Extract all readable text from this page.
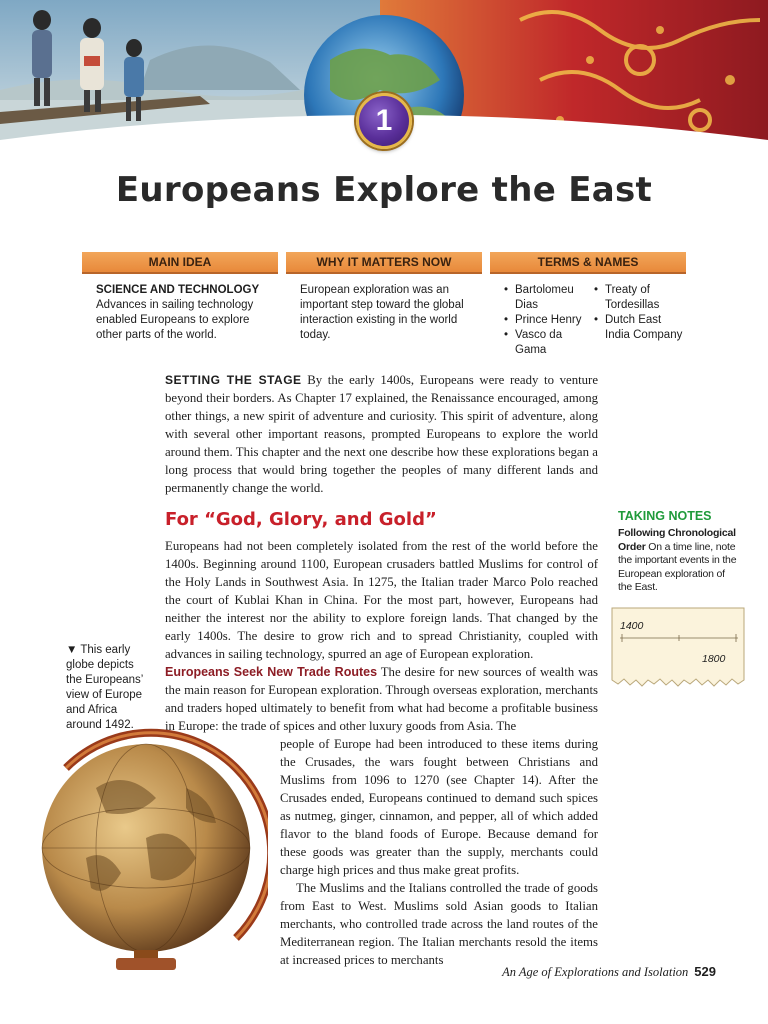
1
Europeans Explore the East
MAIN IDEA	WHY IT MATTERS NOW	TERMS & NAMES
SCIENCE AND TECHNOLOGY
Advances in sailing technology enabled Europeans to explore other parts of the world.
European exploration was an important step toward the global interaction existing in the world today.
• Bartolomeu Dias
• Prince Henry
• Vasco da Gama
• Treaty of Tordesillas
• Dutch East India Company

SETTING THE STAGE By the early 1400s, Europeans were ready to venture beyond their borders. As Chapter 17 explained, the Renaissance encouraged, among other things, a new spirit of adventure and curiosity. This spirit of adventure, along with several other important reasons, prompted Europeans to explore the world around them. This chapter and the next one describe how these explorations began a long process that would bring together the peoples of many different lands and permanently change the world.

For “God, Glory, and Gold”

Europeans had not been completely isolated from the rest of the world before the 1400s. Beginning around 1100, European crusaders battled Muslims for control of the Holy Lands in Southwest Asia. In 1275, the Italian trader Marco Polo reached the court of Kublai Khan in China. For the most part, however, Europeans had neither the interest nor the ability to explore foreign lands. That changed by the early 1400s. The desire to grow rich and to spread Christianity, coupled with advances in sailing technology, spurred an age of European exploration.

Europeans Seek New Trade Routes The desire for new sources of wealth was the main reason for European exploration. Through overseas exploration, merchants and traders hoped ultimately to benefit from what had become a profitable business in Europe: the trade of spices and other luxury goods from Asia. The

people of Europe had been introduced to these items during the Crusades, the wars fought between Christians and Muslims from 1096 to 1270 (see Chapter 14). After the Crusades ended, Europeans continued to demand such spices as nutmeg, ginger, cinnamon, and pepper, all of which added flavor to the bland foods of Europe. Because demand for these goods was greater than the supply, merchants could charge high prices and thus make great profits.

The Muslims and the Italians controlled the trade of goods from East to West. Muslims sold Asian goods to Italian merchants, who controlled trade across the land routes of the Mediterranean region. The Italian merchants resold the items at increased prices to merchants

▼ This early globe depicts the Europeans’ view of Europe and Africa around 1492.
TAKING NOTES

Following Chronological Order On a time line, note the important events in the European exploration of the East.

1400
1800
An Age of Explorations and Isolation 529
